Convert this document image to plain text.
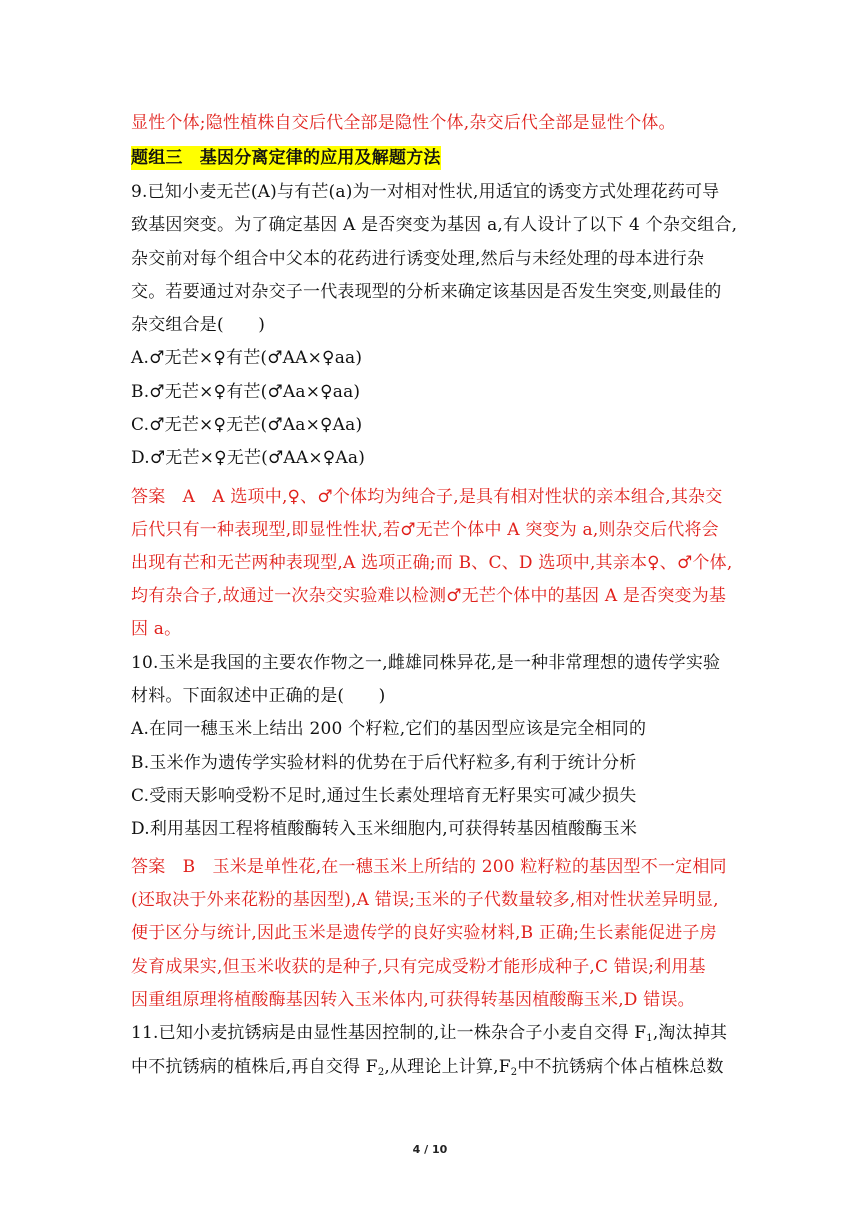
显性个体;隐性植株自交后代全部是隐性个体,杂交后代全部是显性个体。
题组三　基因分离定律的应用及解题方法
9.已知小麦无芒(A)与有芒(a)为一对相对性状,用适宜的诱变方式处理花药可导
致基因突变。为了确定基因 A 是否突变为基因 a,有人设计了以下 4 个杂交组合,
杂交前对每个组合中父本的花药进行诱变处理,然后与未经处理的母本进行杂
交。若要通过对杂交子一代表现型的分析来确定该基因是否发生突变,则最佳的
杂交组合是(　　)
A.♂无芒×♀有芒(♂AA×♀aa)
B.♂无芒×♀有芒(♂Aa×♀aa)
C.♂无芒×♀无芒(♂Aa×♀Aa)
D.♂无芒×♀无芒(♂AA×♀Aa)
答案　A　A 选项中,♀、♂个体均为纯合子,是具有相对性状的亲本组合,其杂交
后代只有一种表现型,即显性性状,若♂无芒个体中 A 突变为 a,则杂交后代将会
出现有芒和无芒两种表现型,A 选项正确;而 B、C、D 选项中,其亲本♀、♂个体,
均有杂合子,故通过一次杂交实验难以检测♂无芒个体中的基因 A 是否突变为基
因 a。
10.玉米是我国的主要农作物之一,雌雄同株异花,是一种非常理想的遗传学实验
材料。下面叙述中正确的是(　　)
A.在同一穗玉米上结出 200 个籽粒,它们的基因型应该是完全相同的
B.玉米作为遗传学实验材料的优势在于后代籽粒多,有利于统计分析
C.受雨天影响受粉不足时,通过生长素处理培育无籽果实可减少损失
D.利用基因工程将植酸酶转入玉米细胞内,可获得转基因植酸酶玉米
答案　B　玉米是单性花,在一穗玉米上所结的 200 粒籽粒的基因型不一定相同
(还取决于外来花粉的基因型),A 错误;玉米的子代数量较多,相对性状差异明显,
便于区分与统计,因此玉米是遗传学的良好实验材料,B 正确;生长素能促进子房
发育成果实,但玉米收获的是种子,只有完成受粉才能形成种子,C 错误;利用基
因重组原理将植酸酶基因转入玉米体内,可获得转基因植酸酶玉米,D 错误。
11.已知小麦抗锈病是由显性基因控制的,让一株杂合子小麦自交得 $F_1$,淘汰掉其
中不抗锈病的植株后,再自交得 $F_2$,从理论上计算$,F_2$中不抗锈病个体占植株总数
4 / 10
